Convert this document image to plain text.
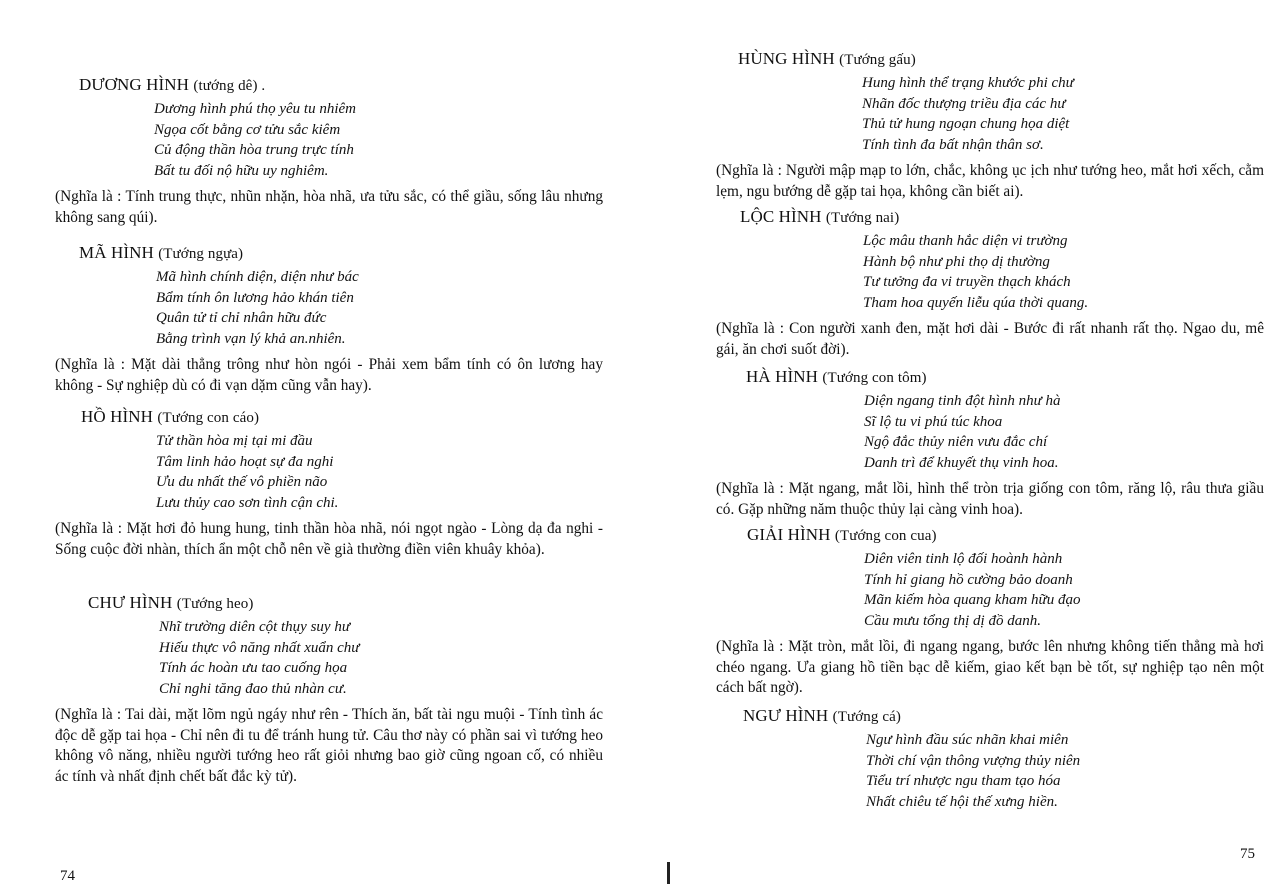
DƯƠNG HÌNH (tướng dê) .
Dương hình phú thọ yêu tu nhiêm
Ngọa cốt bằng cơ tửu sắc kiêm
Củ động thần hòa trung trực tính
Bất tu đối nộ hữu uy nghiêm.
(Nghĩa là : Tính trung thực, nhũn nhặn, hòa nhã, ưa tửu sắc, có thể giầu, sống lâu nhưng không sang qúi).
MÃ HÌNH (Tướng ngựa)
Mã hình chính diện, diện như bác
Bẩm tính ôn lương hảo khán tiên
Quân tử tỉ chỉ nhân hữu đức
Bằng trình vạn lý khả an.nhiên.
(Nghĩa là : Mặt dài thẳng trông như hòn ngói - Phải xem bẩm tính có ôn lương hay không - Sự nghiệp dù có đi vạn dặm cũng vẫn hay).
HỒ HÌNH (Tướng con cáo)
Tử thần hòa mị tại mi đầu
Tâm linh hảo hoạt sự đa nghi
Ưu du nhất thế vô phiền não
Lưu thủy cao sơn tình cận chi.
(Nghĩa là : Mặt hơi đỏ hung hung, tinh thần hòa nhã, nói ngọt ngào - Lòng dạ đa nghi - Sống cuộc đời nhàn, thích ẩn một chỗ nên về già thường điền viên khuây khỏa).
CHƯ HÌNH (Tướng heo)
Nhĩ trường diên cột thụy suy hư
Hiếu thực vô năng nhất xuẩn chư
Tính ác hoàn ưu tao cuống họa
Chỉ nghi tăng đao thủ nhàn cư.
(Nghĩa là : Tai dài, mặt lõm ngủ ngáy như rên - Thích ăn, bất tài ngu muội - Tính tình ác độc dễ gặp tai họa - Chỉ nên đi tu để tránh hung tử. Câu thơ này có phần sai vì tướng heo không vô năng, nhiều người tướng heo rất giỏi nhưng bao giờ cũng ngoan cố, có nhiều ác tính và nhất định chết bất đắc kỳ tử).
74
HÙNG HÌNH (Tướng gấu)
Hung hình thể trạng khước phi chư
Nhãn đốc thượng triều địa các hư
Thủ tử hung ngoạn chung họa diệt
Tính tình đa bất nhận thân sơ.
(Nghĩa là : Người mập mạp to lớn, chắc, không ục ịch như tướng heo, mắt hơi xếch, cằm lẹm, ngu bướng dễ gặp tai họa, không cần biết ai).
LỘC HÌNH (Tướng nai)
Lộc mâu thanh hắc diện vi trường
Hành bộ như phi thọ dị thường
Tư tưởng đa vi truyền thạch khách
Tham hoa quyến liễu qúa thời quang.
(Nghĩa là : Con người xanh đen, mặt hơi dài - Bước đi rất nhanh rất thọ. Ngao du, mê gái, ăn chơi suốt đời).
HÀ HÌNH (Tướng con tôm)
Diện ngang tinh đột hình như hà
Sĩ lộ tu vi phú túc khoa
Ngộ đắc thủy niên vưu đắc chí
Danh trì để khuyết thụ vinh hoa.
(Nghĩa là : Mặt ngang, mắt lồi, hình thể tròn trịa giống con tôm, răng lộ, râu thưa giầu có. Gặp những năm thuộc thủy lại càng vinh hoa).
GIẢI HÌNH (Tướng con cua)
Diên viên tinh lộ đối hoành hành
Tính hỉ giang hồ cường bảo doanh
Mãn kiếm hòa quang kham hữu đạo
Cầu mưu tổng thị dị đồ danh.
(Nghĩa là : Mặt tròn, mắt lồi, đi ngang ngang, bước lên nhưng không tiến thẳng mà hơi chéo ngang. Ưa giang hồ tiền bạc dễ kiếm, giao kết bạn bè tốt, sự nghiệp tạo nên một cách bất ngờ).
NGƯ HÌNH (Tướng cá)
Ngư hình đầu súc nhãn khai miên
Thời chí vận thông vượng thủy niên
Tiểu trí nhược ngu tham tạo hóa
Nhất chiêu tế hội thế xưng hiền.
75
